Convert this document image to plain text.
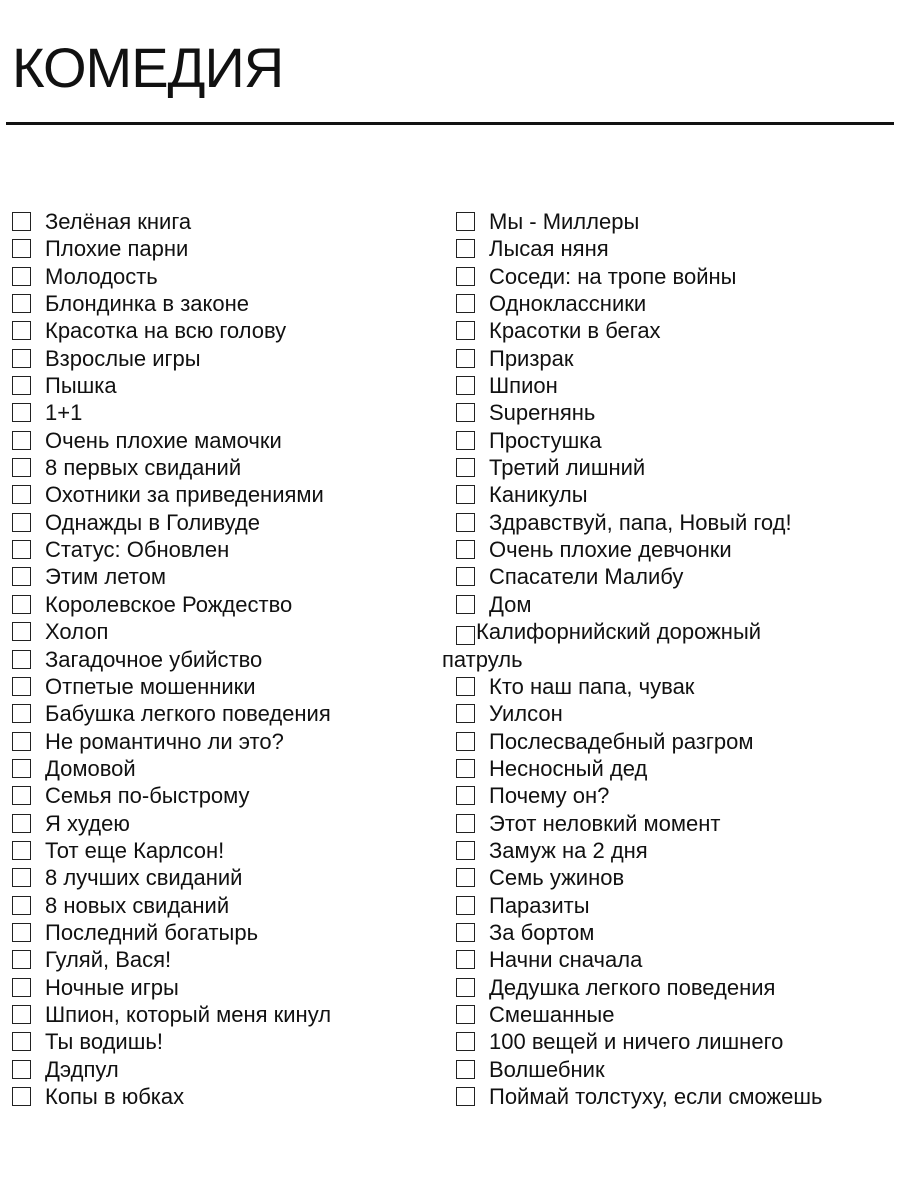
КОМЕДИЯ
Зелёная книга
Плохие парни
Молодость
Блондинка в законе
Красотка на всю голову
Взрослые игры
Пышка
1+1
Очень плохие мамочки
8 первых свиданий
Охотники за приведениями
Однажды в Голивуде
Статус: Обновлен
Этим летом
Королевское Рождество
Холоп
Загадочное убийство
Отпетые мошенники
Бабушка легкого поведения
Не романтично ли это?
Домовой
Семья по-быстрому
Я худею
Тот еще Карлсон!
8 лучших свиданий
8 новых свиданий
Последний богатырь
Гуляй, Вася!
Ночные игры
Шпион, который меня кинул
Ты водишь!
Дэдпул
Копы в юбках
Мы - Миллеры
Лысая няня
Соседи: на тропе войны
Одноклассники
Красотки в бегах
Призрак
Шпион
Superнянь
Простушка
Третий лишний
Каникулы
Здравствуй, папа, Новый год!
Очень плохие девчонки
Спасатели Малибу
Дом
Калифорнийский дорожный патруль
Кто наш папа, чувак
Уилсон
Послесвадебный разгром
Несносный дед
Почему он?
Этот неловкий момент
Замуж на 2 дня
Семь ужинов
Паразиты
За бортом
Начни сначала
Дедушка легкого поведения
Смешанные
100 вещей и ничего лишнего
Волшебник
Поймай толстуху, если сможешь
